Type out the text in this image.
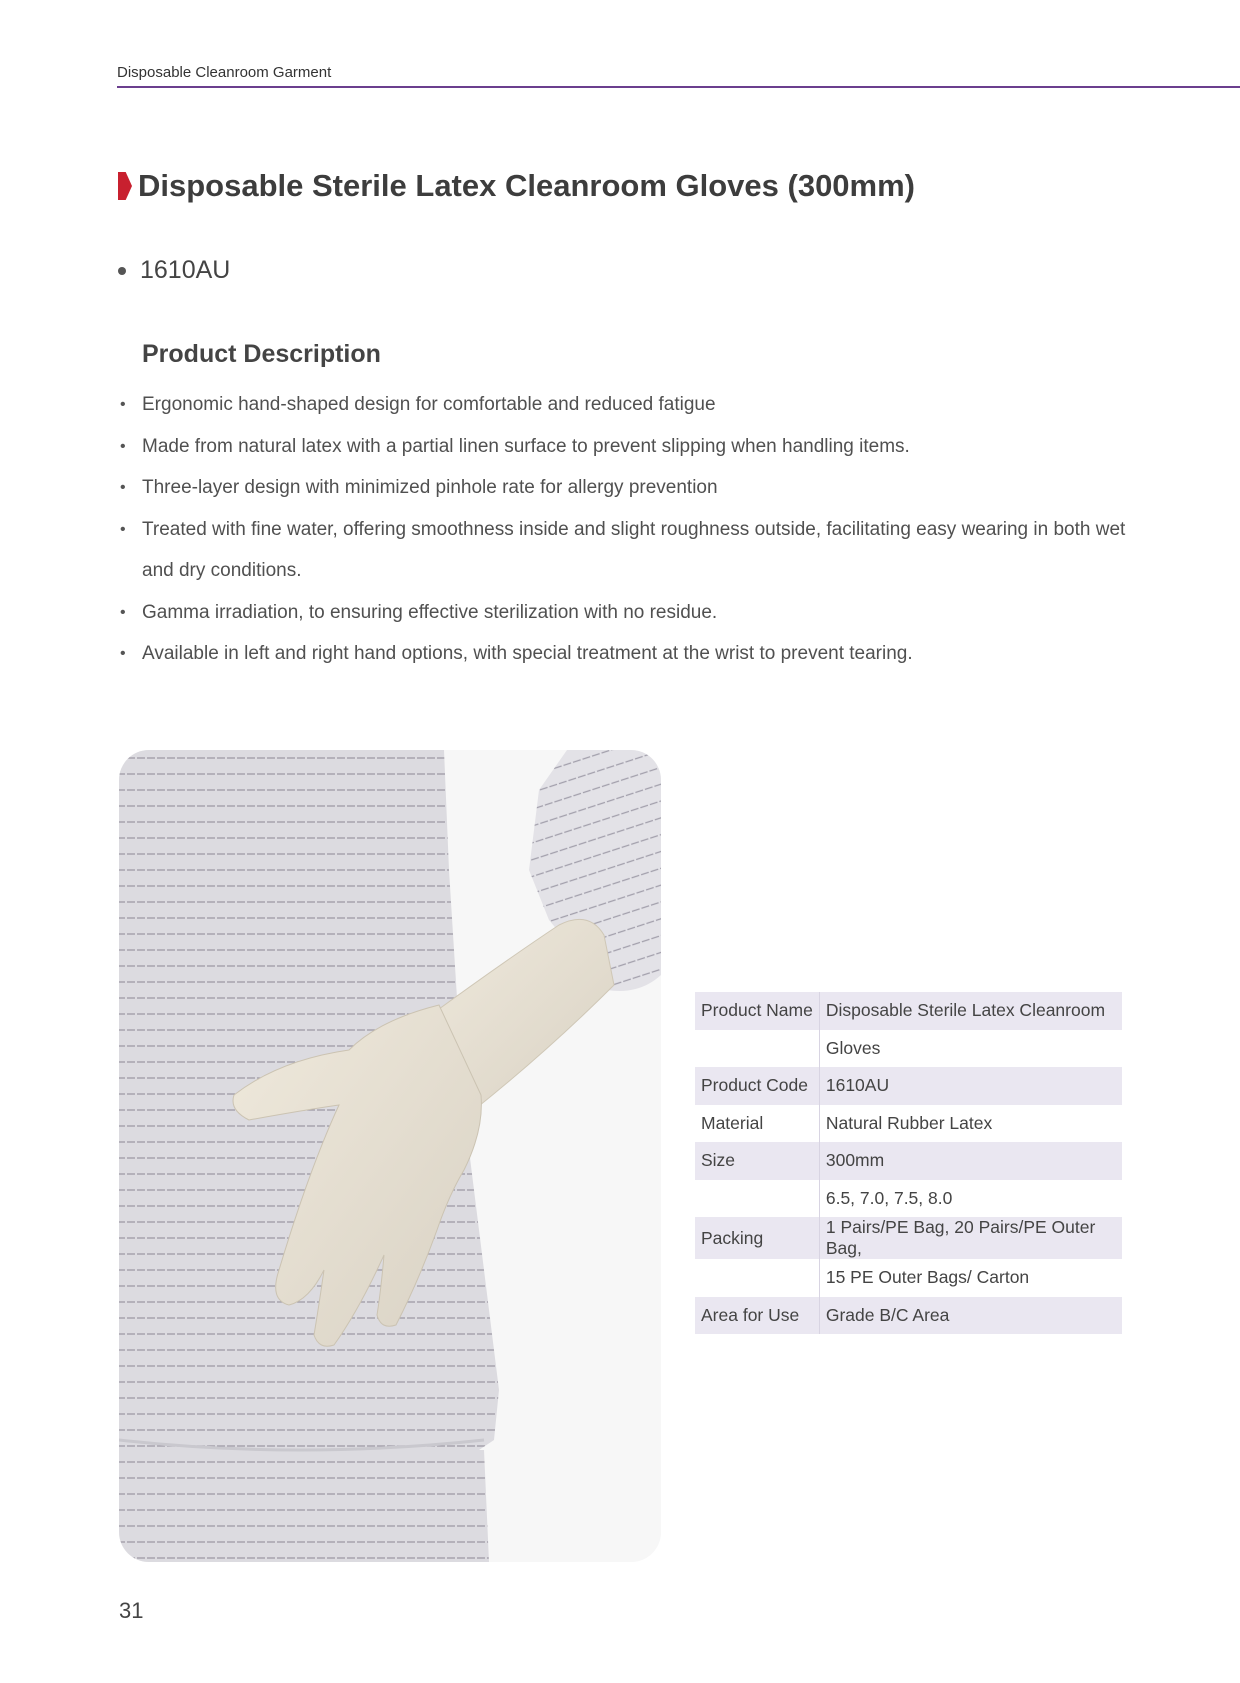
Disposable Cleanroom Garment
Disposable Sterile Latex Cleanroom Gloves (300mm)
1610AU
Product Description
• Ergonomic hand-shaped design for comfortable and reduced fatigue
• Made from natural latex with a partial linen surface to prevent slipping when handling items.
• Three-layer design with minimized pinhole rate for allergy prevention
• Treated with fine water, offering smoothness inside and slight roughness outside, facilitating easy wearing in both wet and dry conditions.
• Gamma irradiation, to ensuring effective sterilization with no residue.
• Available in left and right hand options, with special treatment at the wrist to prevent tearing.
Product Name	Disposable Sterile Latex Cleanroom
	Gloves
Product Code	1610AU
Material	Natural Rubber Latex
Size	300mm
	6.5, 7.0, 7.5, 8.0
Packing	1 Pairs/PE Bag, 20 Pairs/PE Outer Bag,
	15 PE Outer Bags/ Carton
Area for Use	Grade B/C Area
31
